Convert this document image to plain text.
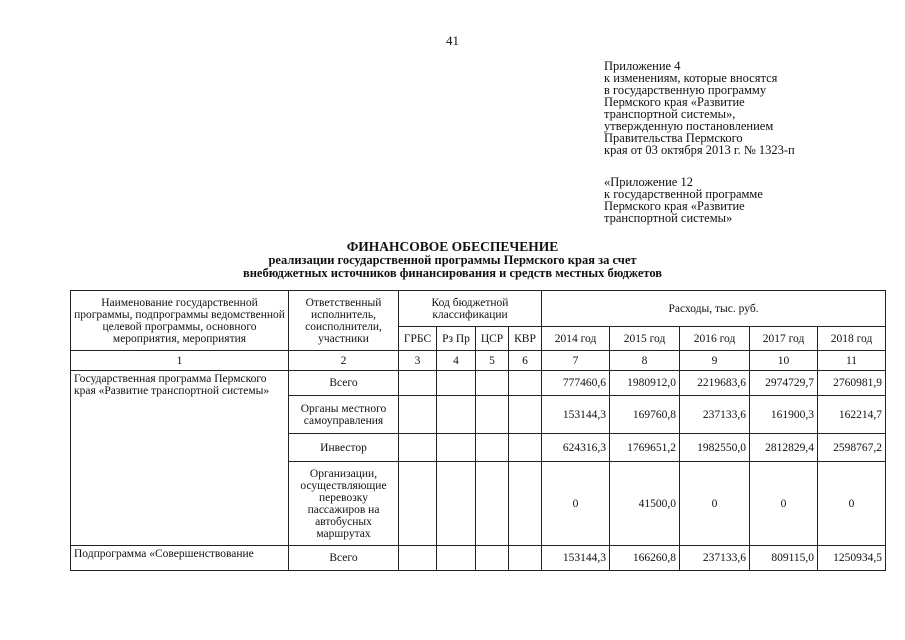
41
Приложение 4
к изменениям, которые вносятся
в государственную программу
Пермского края «Развитие
транспортной системы»,
утвержденную постановлением
Правительства Пермского
края от 03 октября 2013 г. № 1323-п
«Приложение 12
к государственной программе
Пермского края «Развитие
транспортной системы»
ФИНАНСОВОЕ ОБЕСПЕЧЕНИЕ
реализации государственной программы Пермского края за счет
внебюджетных источников финансирования и средств местных бюджетов
Наименование государственной программы, подпрограммы ведомственной целевой программы, основного мероприятия, мероприятия	Ответственный исполнитель, соисполнители, участники	Код бюджетной классификации				Расходы, тыс. руб.				
		ГРБС	Рз Пр	ЦСР	КВР	2014 год	2015 год	2016 год	2017 год	2018 год
1	2	3	4	5	6	7	8	9	10	11
Государственная программа Пермского края «Развитие транспортной системы»	Всего					777460,6	1980912,0	2219683,6	2974729,7	2760981,9
	Органы местного самоуправления					153144,3	169760,8	237133,6	161900,3	162214,7
	Инвестор					624316,3	1769651,2	1982550,0	2812829,4	2598767,2
	Организации, осуществляющие перевозку пассажиров на автобусных маршрутах					0	41500,0	0	0	0
Подпрограмма «Совершенствование	Всего					153144,3	166260,8	237133,6	809115,0	1250934,5
